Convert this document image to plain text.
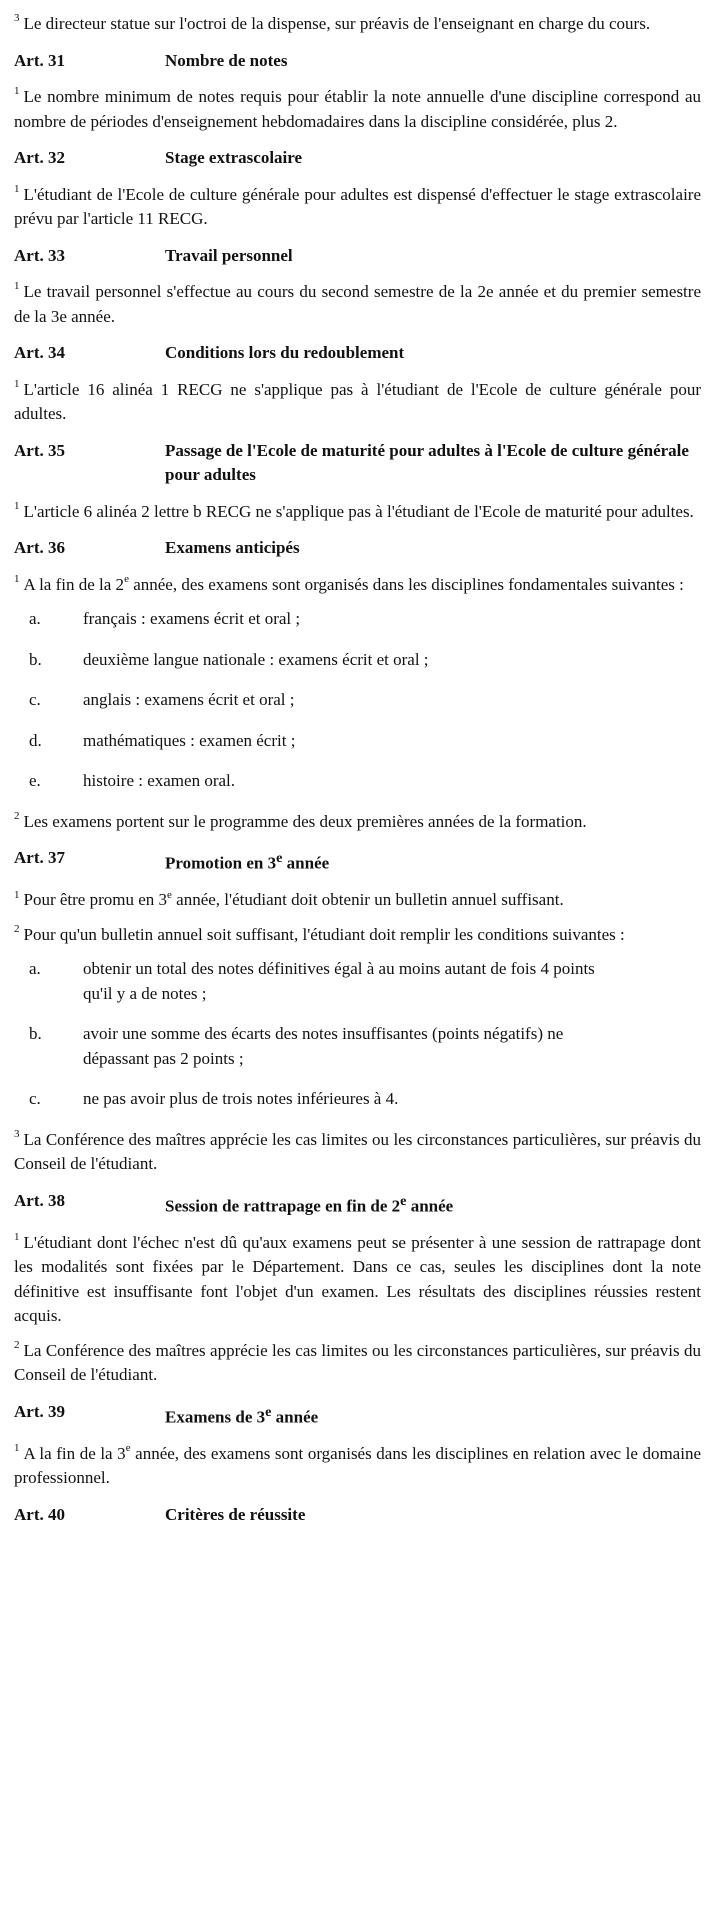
$^3$ Le directeur statue sur l'octroi de la dispense, sur préavis de l'enseignant en charge du cours.

Art. 31	Nombre de notes

$^1$ Le nombre minimum de notes requis pour établir la note annuelle d'une discipline correspond au nombre de périodes d'enseignement hebdomadaires dans la discipline considérée, plus 2.

Art. 32	Stage extrascolaire

$^1$ L'étudiant de l'Ecole de culture générale pour adultes est dispensé d'effectuer le stage extrascolaire prévu par l'article 11 RECG.

Art. 33	Travail personnel

$^1$ Le travail personnel s'effectue au cours du second semestre de la 2e année et du premier semestre de la 3e année.

Art. 34	Conditions lors du redoublement

$^1$ L'article 16 alinéa 1 RECG ne s'applique pas à l'étudiant de l'Ecole de culture générale pour adultes.

Art. 35	Passage de l'Ecole de maturité pour adultes à l'Ecole de culture générale pour adultes

$^1$ L'article 6 alinéa 2 lettre b RECG ne s'applique pas à l'étudiant de l'Ecole de maturité pour adultes.

Art. 36	Examens anticipés

$^1$ A la fin de la 2e année, des examens sont organisés dans les disciplines fondamentales suivantes :

a.	français : examens écrit et oral ;
b.	deuxième langue nationale : examens écrit et oral ;
c.	anglais : examens écrit et oral ;
d.	mathématiques : examen écrit ;
e.	histoire : examen oral.

$^2$ Les examens portent sur le programme des deux premières années de la formation.

Art. 37	Promotion en 3e année

$^1$ Pour être promu en 3e année, l'étudiant doit obtenir un bulletin annuel suffisant.

$^2$ Pour qu'un bulletin annuel soit suffisant, l'étudiant doit remplir les conditions suivantes :

a.	obtenir un total des notes définitives égal à au moins autant de fois 4 points qu'il y a de notes ;
b.	avoir une somme des écarts des notes insuffisantes (points négatifs) ne dépassant pas 2 points ;
c.	ne pas avoir plus de trois notes inférieures à 4.

$^3$ La Conférence des maîtres apprécie les cas limites ou les circonstances particulières, sur préavis du Conseil de l'étudiant.

Art. 38	Session de rattrapage en fin de 2e année

$^1$ L'étudiant dont l'échec n'est dû qu'aux examens peut se présenter à une session de rattrapage dont les modalités sont fixées par le Département. Dans ce cas, seules les disciplines dont la note définitive est insuffisante font l'objet d'un examen. Les résultats des disciplines réussies restent acquis.

$^2$ La Conférence des maîtres apprécie les cas limites ou les circonstances particulières, sur préavis du Conseil de l'étudiant.

Art. 39	Examens de 3e année

$^1$ A la fin de la 3e année, des examens sont organisés dans les disciplines en relation avec le domaine professionnel.

Art. 40	Critères de réussite
